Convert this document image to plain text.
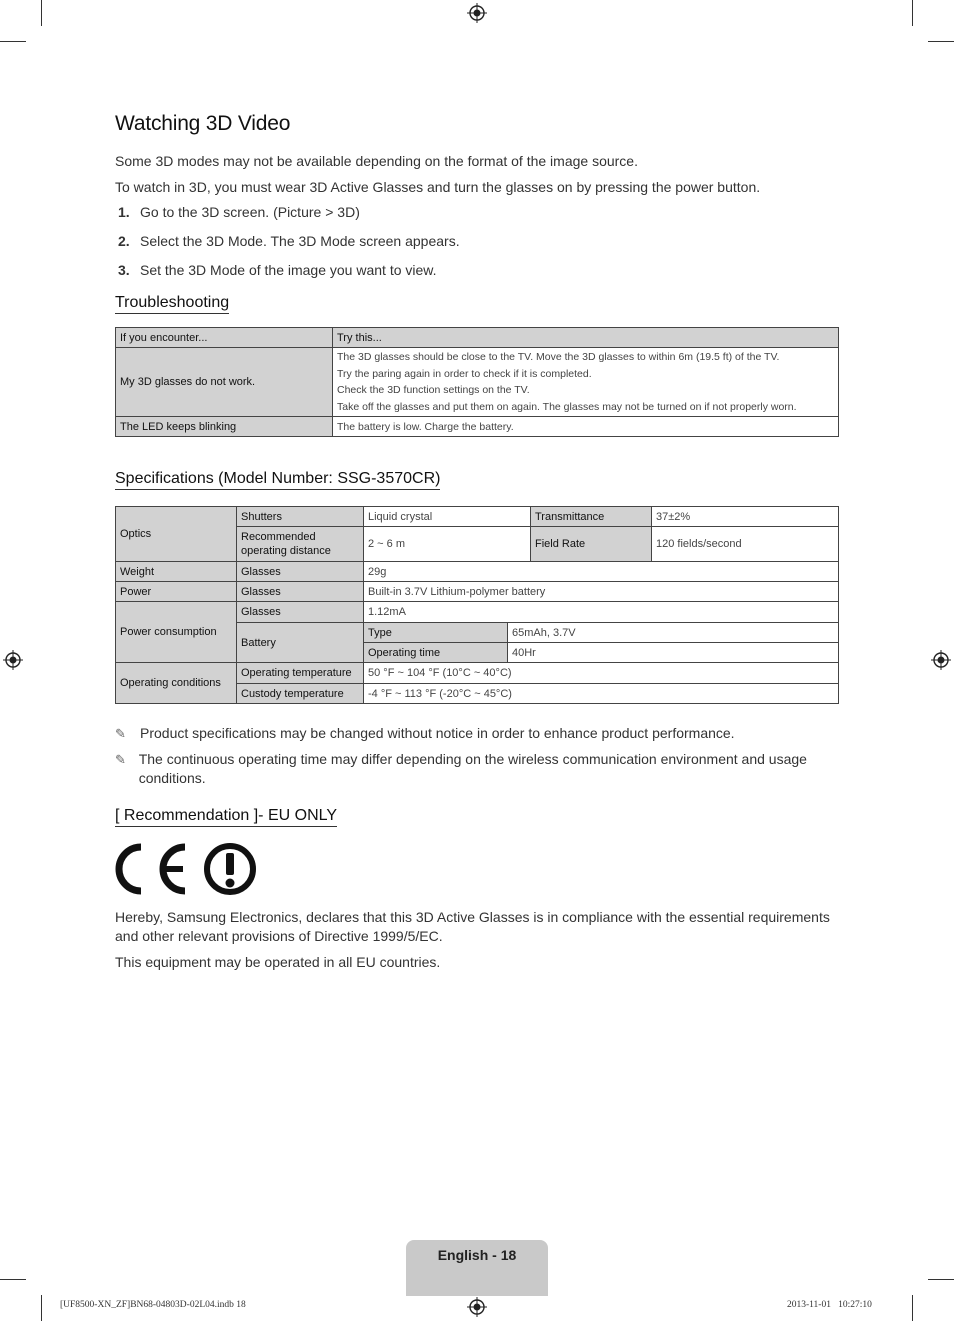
Watching 3D Video

Some 3D modes may not be available depending on the format of the image source.

To watch in 3D, you must wear 3D Active Glasses and turn the glasses on by pressing the power button.

1. Go to the 3D screen. (Picture > 3D)
2. Select the 3D Mode. The 3D Mode screen appears.
3. Set the 3D Mode of the image you want to view.
Troubleshooting
If you encounter...	Try this...
My 3D glasses do not work.	The 3D glasses should be close to the TV. Move the 3D glasses to within 6m (19.5 ft) of the TV.
Try the paring again in order to check if it is completed.
Check the 3D function settings on the TV.
Take off the glasses and put them on again. The glasses may not be turned on if not properly worn.

The LED keeps blinking	The battery is low. Charge the battery.
Specifications (Model Number: SSG-3570CR)
Optics	Shutters	Liquid crystal	Transmittance	37±2%

	Recommended
operating distance	2 ~ 6 m	Field Rate	120 fields/second
Weight	Glasses	29g		
Power	Glasses	Built-in 3.7V Lithium-polymer battery		
Power consumption	Glasses	1.12mA	
	Battery	Type	65mAh, 3.7V
		Operating time	40Hr
Operating conditions	Operating temperature	50 °F ~ 104 °F (10°C ~ 40°C)	
	Custody temperature	-4 °F ~ 113 °F (-20°C ~ 45°C)	
✎	Product specifications may be changed without notice in order to enhance product performance.
✎ The continuous operating time may differ depending on the wireless communication environment and usage conditions.
[ Recommendation ]- EU ONLY

Hereby, Samsung Electronics, declares that this 3D Active Glasses is in compliance with the essential requirements and other relevant provisions of Directive 1999/5/EC.

This equipment may be operated in all EU countries.

English - 18
[UF8500-XN_ZF]BN68-04803D-02L04.indb 18	2013-11-01   10:27:10
